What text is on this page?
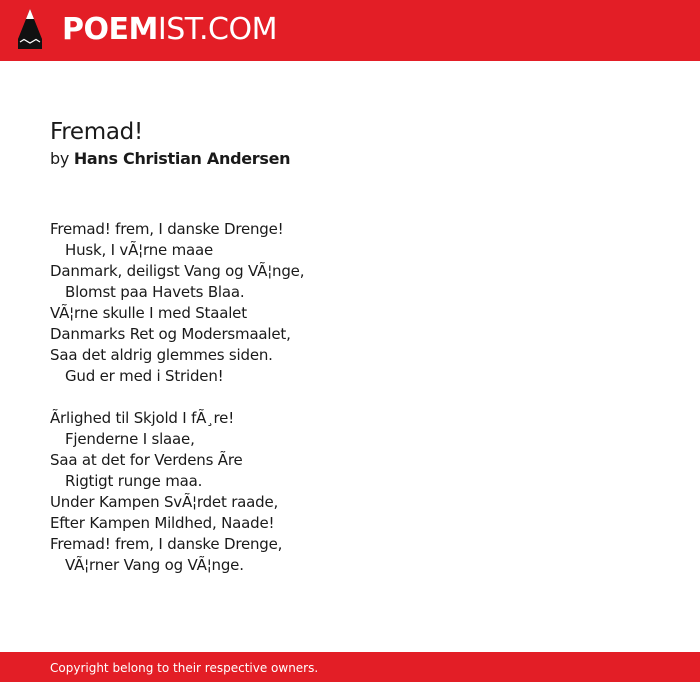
POEMIST.COM
Fremad!
by Hans Christian Andersen
Fremad! frem, I danske Drenge!
Husk, I vÃ¦rne maae
Danmark, deiligst Vang og VÃ¦nge,
Blomst paa Havets Blaa.
VÃ¦rne skulle I med Staalet
Danmarks Ret og Modersmaalet,
Saa det aldrig glemmes siden.
Gud er med i Striden!
Ãrlighed til Skjold I fÃ¸re!
Fjenderne I slaae,
Saa at det for Verdens Ãre
Rigtigt runge maa.
Under Kampen SvÃ¦rdet raade,
Efter Kampen Mildhed, Naade!
Fremad! frem, I danske Drenge,
VÃ¦rner Vang og VÃ¦nge.
Copyright belong to their respective owners.
